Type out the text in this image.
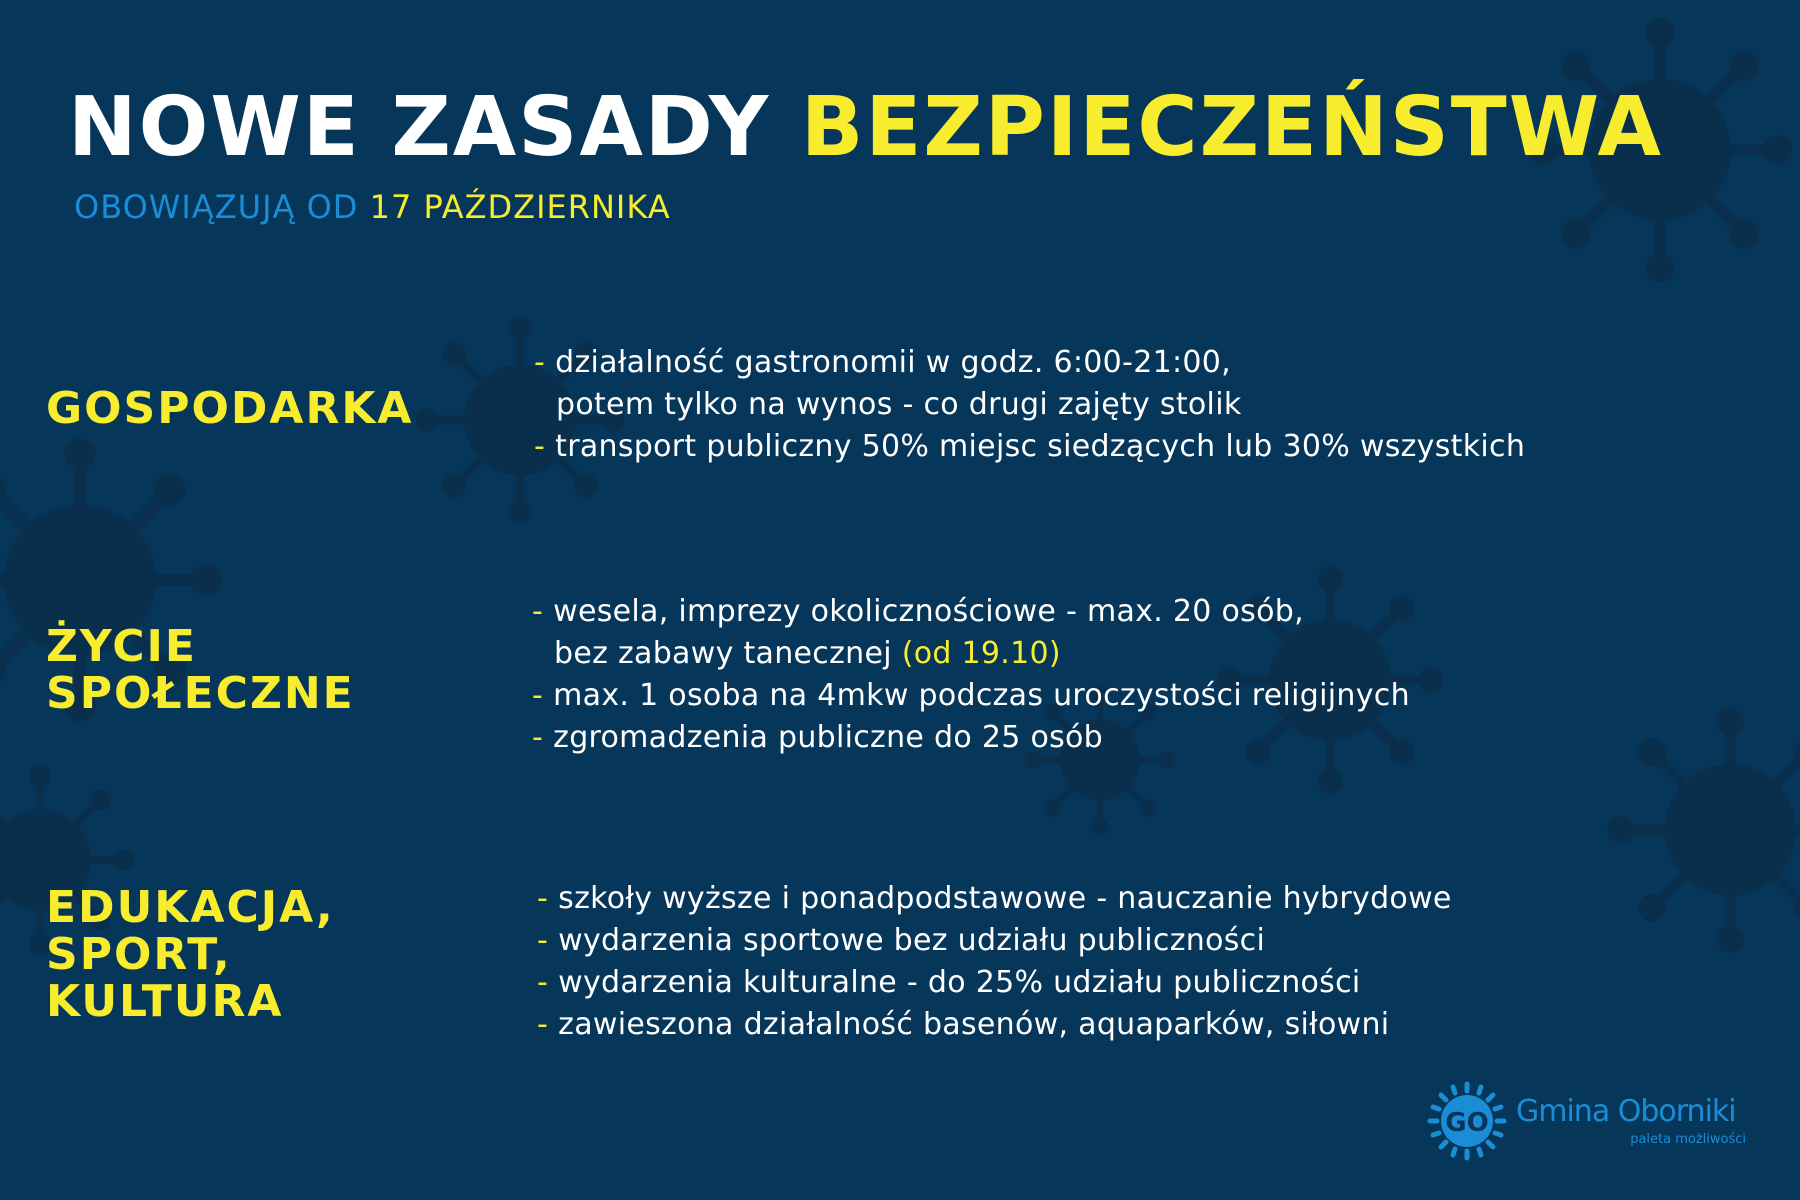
NOWE ZASADY BEZPIECZEŃSTWA
OBOWIĄZUJĄ OD 17 PAŹDZIERNIKA
GOSPODARKA
- działalność gastronomii w godz. 6:00-21:00,
potem tylko na wynos - co drugi zajęty stolik
- transport publiczny 50% miejsc siedzących lub 30% wszystkich
ŻYCIE
SPOŁECZNE
- wesela, imprezy okolicznościowe - max. 20 osób,
bez zabawy tanecznej (od 19.10)
- max. 1 osoba na 4mkw podczas uroczystości religijnych
- zgromadzenia publiczne do 25 osób
EDUKACJA,
SPORT,
KULTURA
- szkoły wyższe i ponadpodstawowe - nauczanie hybrydowe
- wydarzenia sportowe bez udziału publiczności
- wydarzenia kulturalne - do 25% udziału publiczności
- zawieszona działalność basenów, aquaparków, siłowni
GO Gmina Oborniki
paleta możliwości
